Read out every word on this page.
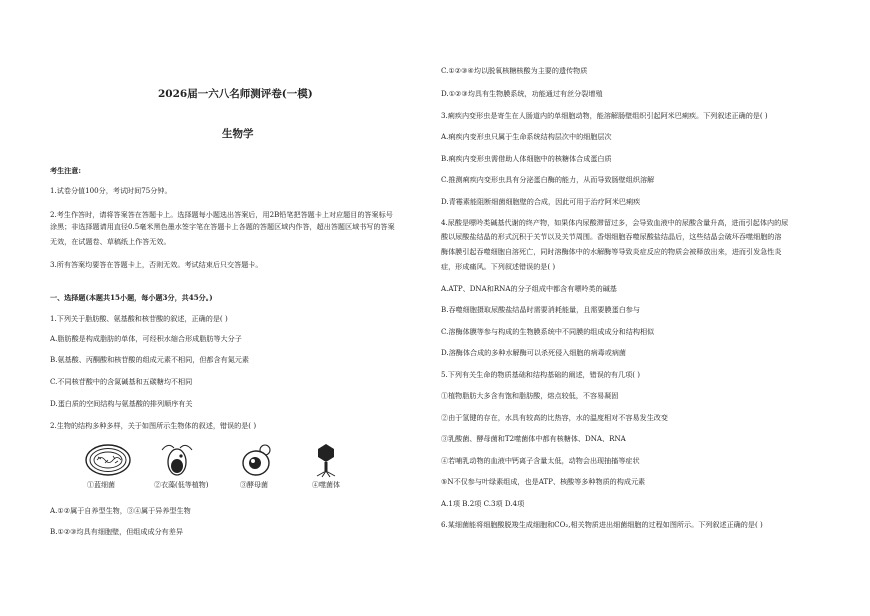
2026届一六八名师测评卷(一模)
生物学
考生注意:
1.试卷分值100分，考试时间75分钟。
2.考生作答时，请将答案答在答题卡上。选择题每小题选出答案后，用2B铅笔把答题卡上对应题目的答案标号
涂黑；非选择题请用直径0.5毫米黑色墨水签字笔在答题卡上各题的答题区域内作答，超出答题区域书写的答案
无效，在试题卷、草稿纸上作答无效。
3.所有答案均要答在答题卡上，否则无效。考试结束后只交答题卡。
一、选择题(本题共15小题，每小题3分，共45分。)
1.下列关于脂肪酸、氨基酸和核苷酸的叙述，正确的是( )
A.脂肪酸是构成脂肪的单体，可经积水缩合形成脂肪等大分子
B.氨基酸、丙酮酸和核苷酸的组成元素不相同，但都含有氮元素
C.不同核苷酸中的含氮碱基和五碳糖均不相同
D.蛋白质的空间结构与氨基酸的排列顺序有关
2.生物的结构多种多样，关于如图所示生物体的叙述，错误的是( )
A.①②属于自养型生物，③④属于异养型生物
B.①②③均具有细胞壁，但组成成分有差异
①蓝细菌	②衣藻(低等植物)	③酵母菌	④噬菌体
C.①②③④均以脱氧核糖核酸为主要的遗传物质
D.①②③均具有生物膜系统，功能通过有丝分裂增殖
3.痢疾内变形虫是寄生在人肠道内的单细胞动物，能溶解肠壁组织引起阿米巴痢疾。下列叙述正确的是( )
A.痢疾内变形虫只属于生命系统结构层次中的细胞层次
B.痢疾内变形虫需借助人体细胞中的核糖体合成蛋白质
C.推测痢疾内变形虫具有分泌蛋白酶的能力，从而导致肠壁组织溶解
D.青霉素能阻断细菌细胞壁的合成，因此可用于治疗阿米巴痢疾
4.尿酸是嘌呤类碱基代谢的终产物，如果体内尿酸滞留过多，会导致血液中的尿酸含量升高，进而引起体内的尿
酸以尿酸盐结晶的形式沉积于关节以及关节周围。香烟细胞吞噬尿酸盐结晶后，这些结晶会破坏吞噬细胞的溶
酶体膜引起吞噬细胞自溶死亡，同时溶酶体中的水解酶等导致炎症反应的物质会被释放出来，进而引发急性炎
症，形成痛风。下列叙述错误的是( )
A.ATP、DNA和RNA的分子组成中都含有嘌呤类的碱基
B.吞噬细胞摄取尿酸盐结晶时需要消耗能量，且需要膜蛋白参与
C.溶酶体膜等参与构成的生物膜系统中不同膜的组成成分和结构相似
D.溶酶体合成的多种水解酶可以杀死侵入细胞的病毒或病菌
5.下列有关生命的物质基础和结构基础的阐述，错误的有几项( )
①植物脂肪大多含有饱和脂肪酸，熔点较低，不容易凝固
②由于氢键的存在，水具有较高的比热容，水的温度相对不容易发生改变
③乳酸菌、酵母菌和T2噬菌体中都有核糖体、DNA、RNA
④若哺乳动物的血液中钙离子含量太低，动物会出现抽搐等症状
⑤N不仅参与叶绿素组成，也是ATP、核酸等多种物质的构成元素
A.1项 B.2项 C.3项 D.4项
6.某细菌能将细胞酸脱羧生成细胞和CO₂,相关物质进出细菌细胞的过程如图所示。下列叙述正确的是( )
